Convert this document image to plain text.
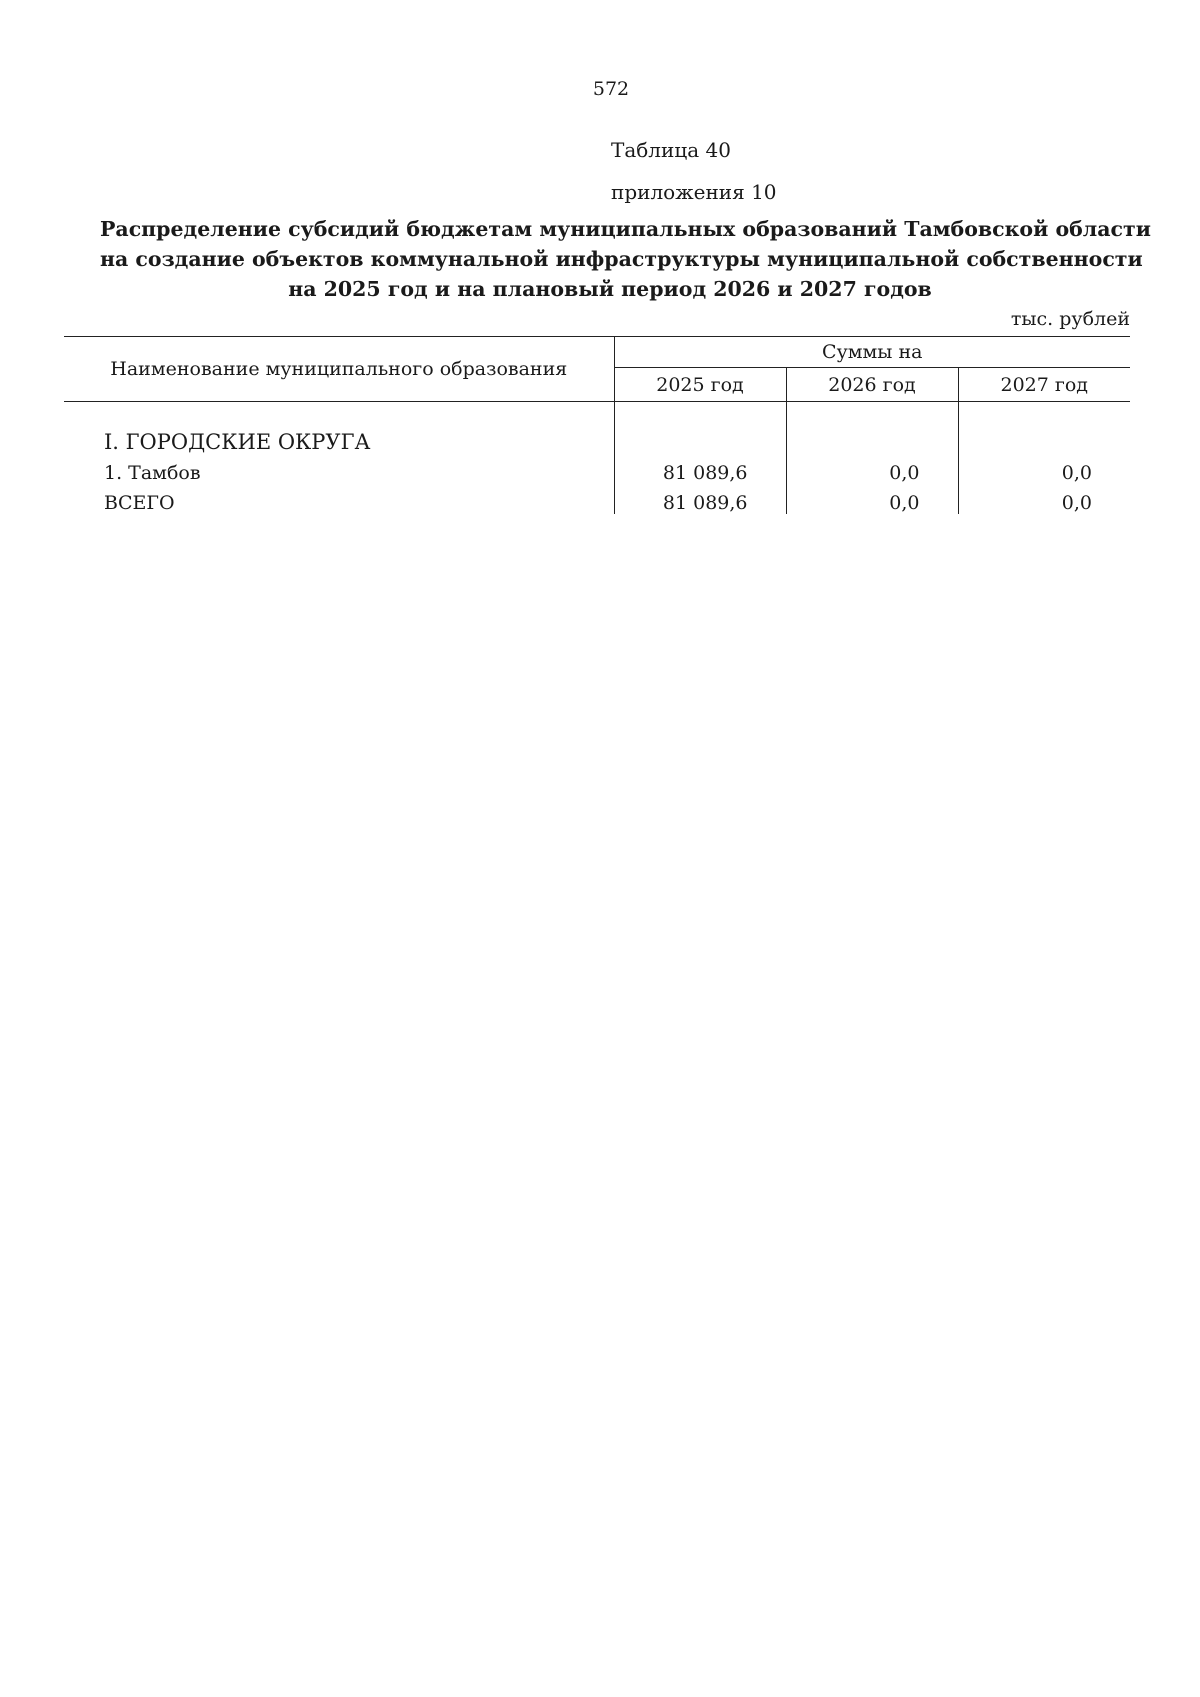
572
Таблица 40
приложения 10
Распределение субсидий бюджетам муниципальных образований Тамбовской области
на создание объектов коммунальной инфраструктуры муниципальной собственности
на 2025 год и на плановый период 2026 и 2027 годов
тыс. рублей
Наименование муниципального образования	Суммы на		
	2025 год	2026 год	2027 год

I. ГОРОДСКИЕ ОКРУГА			
1. Тамбов	81 089,6	0,0	0,0
ВСЕГО	81 089,6	0,0	0,0
